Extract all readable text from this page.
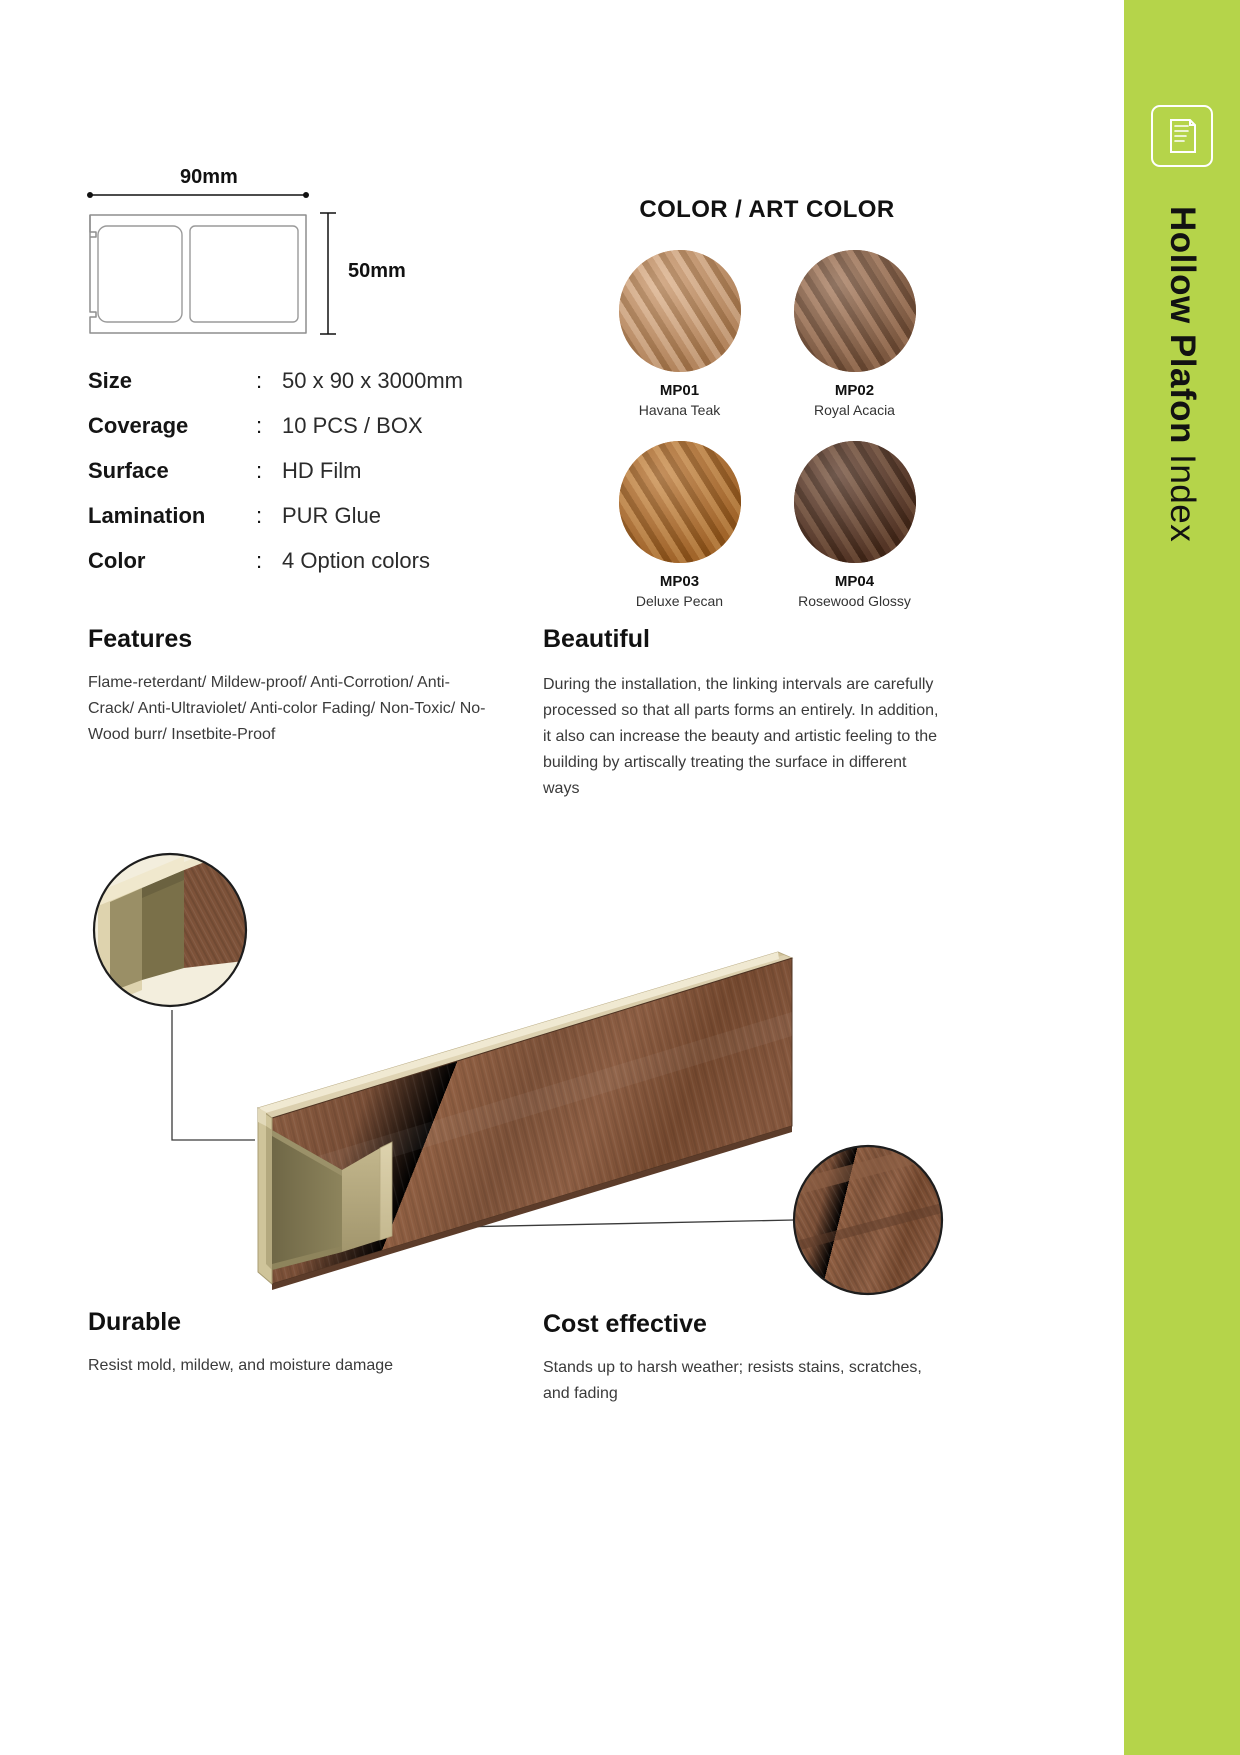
Hollow Plafon Index
90mm
50mm
Size	: 50 x 90 x 3000mm
Coverage	: 10 PCS / BOX
Surface	: HD Film
Lamination	: PUR Glue
Color	: 4 Option colors
COLOR / ART COLOR
MP01
Havana Teak
MP02
Royal Acacia
MP03
Deluxe Pecan
MP04
Rosewood Glossy
Features
Flame-reterdant/ Mildew-proof/ Anti-Corrotion/ Anti-Crack/ Anti-Ultraviolet/ Anti-color Fading/ Non-Toxic/ No-Wood burr/ Insetbite-Proof
Beautiful
During the installation, the linking intervals are carefully processed so that all parts forms an entirely. In addition, it also can increase the beauty and artistic feeling to the building by artiscally treating the surface in different ways
Durable
Resist mold, mildew, and moisture damage
Cost effective
Stands up to harsh weather; resists stains, scratches, and fading
